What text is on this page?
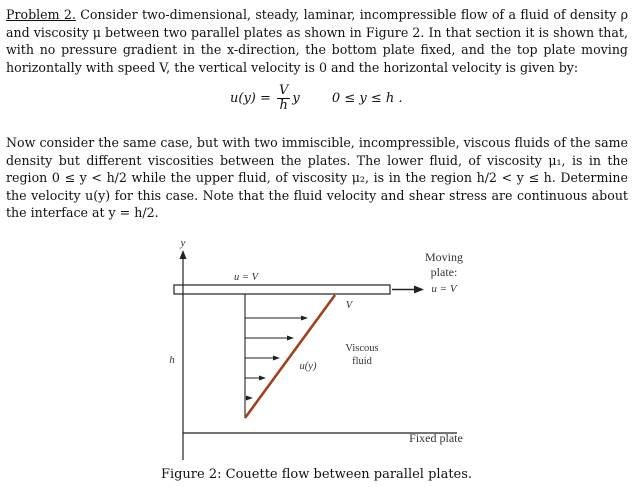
Problem 2. Consider two-dimensional, steady, laminar, incompressible flow of a fluid of density ρ and viscosity μ between two parallel plates as shown in Figure 2. In that section it is shown that, with no pressure gradient in the x-direction, the bottom plate fixed, and the top plate moving horizontally with speed V, the vertical velocity is 0 and the horizontal velocity is given by:
$u(y) = \frac{V}{h}$ y 0 ≤ y ≤ h .
Now consider the same case, but with two immiscible, incompressible, viscous fluids of the same density but different viscosities between the plates. The lower fluid, of viscosity μ₁, is in the region 0 ≤ y < h/2 while the upper fluid, of viscosity μ₂, is in the region h/2 < y ≤ h. Determine the velocity u(y) for this case. Note that the fluid velocity and shear stress are continuous about the interface at y = h/2.
y
u = V
Moving
plate:
u = V
V
Viscous
fluid
h
u(y)
Fixed plate
Figure 2: Couette flow between parallel plates.
